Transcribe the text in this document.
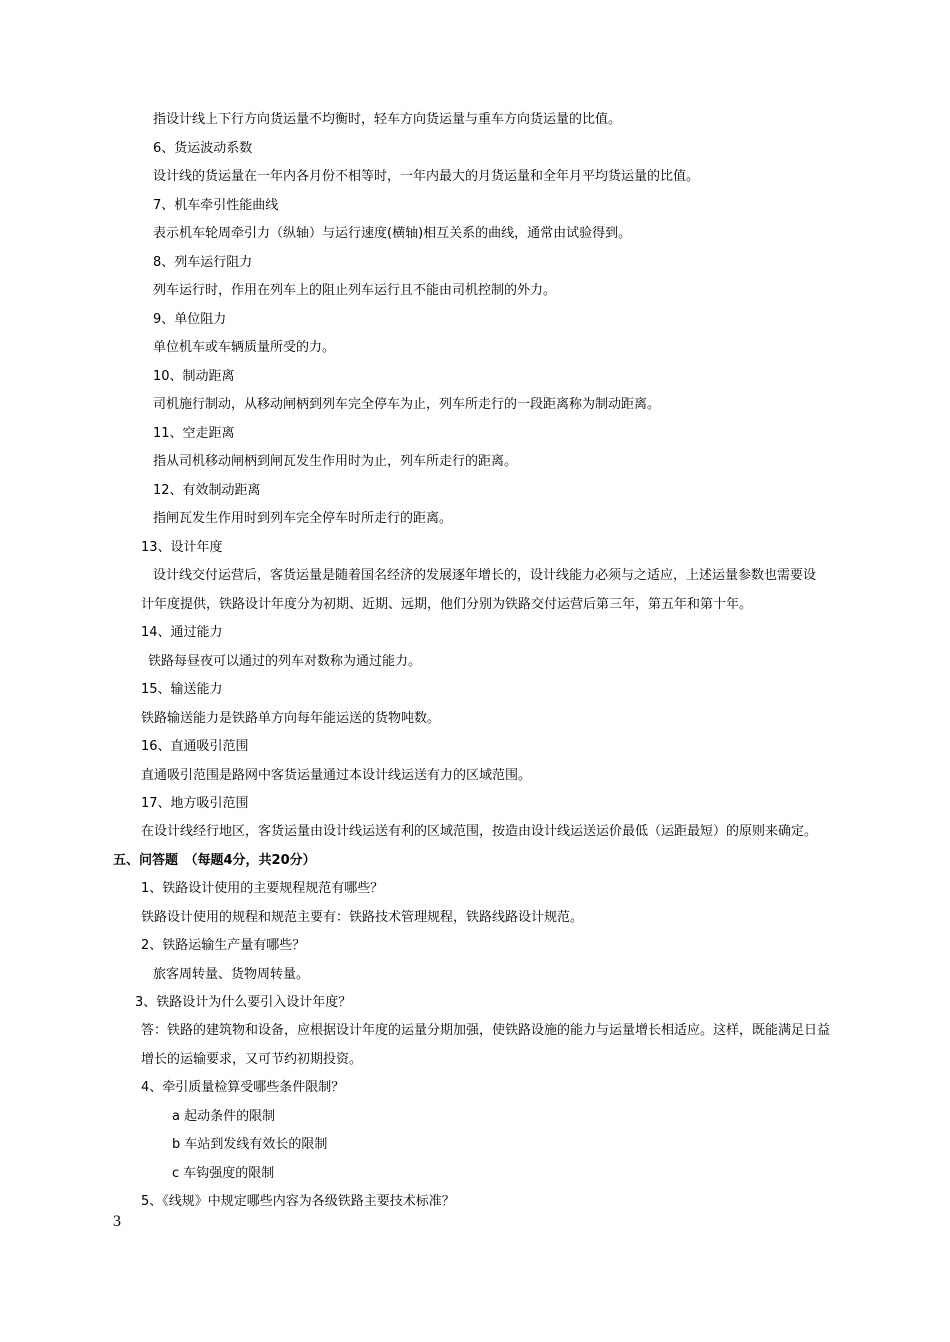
指设计线上下行方向货运量不均衡时，轻车方向货运量与重车方向货运量的比值。
6、货运波动系数
设计线的货运量在一年内各月份不相等时，一年内最大的月货运量和全年月平均货运量的比值。
7、机车牵引性能曲线
表示机车轮周牵引力（纵轴）与运行速度(横轴)相互关系的曲线，通常由试验得到。
8、列车运行阻力
列车运行时，作用在列车上的阻止列车运行且不能由司机控制的外力。
9、单位阻力
单位机车或车辆质量所受的力。
10、制动距离
司机施行制动，从移动闸柄到列车完全停车为止，列车所走行的一段距离称为制动距离。
11、空走距离
指从司机移动闸柄到闸瓦发生作用时为止，列车所走行的距离。
12、有效制动距离
指闸瓦发生作用时到列车完全停车时所走行的距离。
13、设计年度
设计线交付运营后，客货运量是随着国名经济的发展逐年增长的，设计线能力必须与之适应，上述运量参数也需要设
计年度提供，铁路设计年度分为初期、近期、远期，他们分别为铁路交付运营后第三年，第五年和第十年。
14、通过能力
铁路每昼夜可以通过的列车对数称为通过能力。
15、输送能力
铁路输送能力是铁路单方向每年能运送的货物吨数。
16、直通吸引范围
直通吸引范围是路网中客货运量通过本设计线运送有力的区域范围。
17、地方吸引范围
在设计线经行地区，客货运量由设计线运送有利的区域范围，按造由设计线运送运价最低（运距最短）的原则来确定。
五、问答题　（每题4分，共20分）
1、铁路设计使用的主要规程规范有哪些？
铁路设计使用的规程和规范主要有：铁路技术管理规程，铁路线路设计规范。
2、铁路运输生产量有哪些？
旅客周转量、货物周转量。
3、铁路设计为什么要引入设计年度？
答：铁路的建筑物和设备，应根据设计年度的运量分期加强，使铁路设施的能力与运量增长相适应。这样，既能满足日益
增长的运输要求，又可节约初期投资。
4、牵引质量检算受哪些条件限制？
a 起动条件的限制
b 车站到发线有效长的限制
c 车钩强度的限制
5、《线规》中规定哪些内容为各级铁路主要技术标准？
3
